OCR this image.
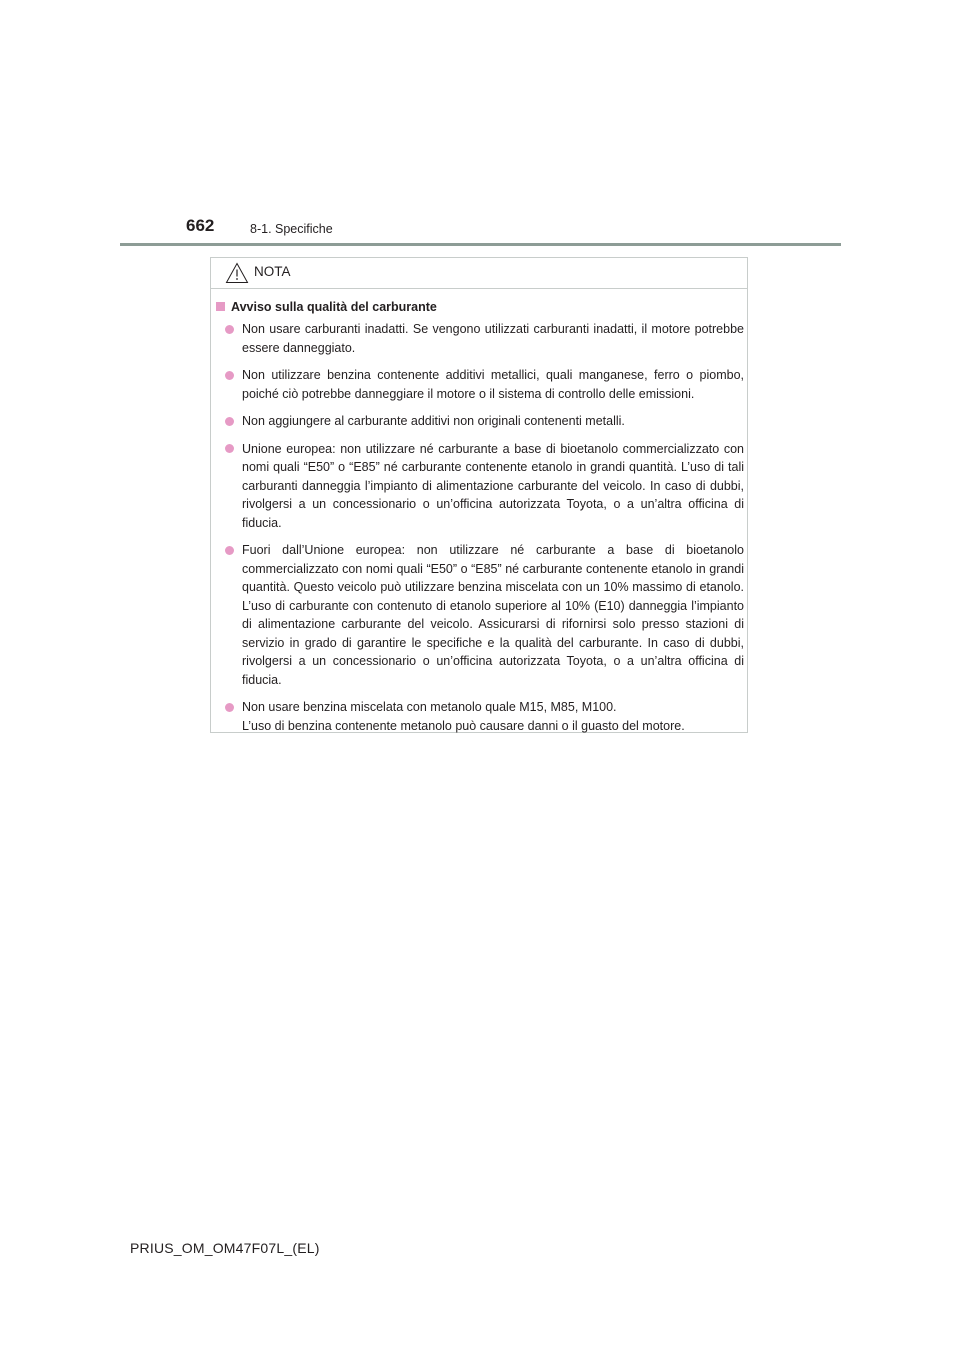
662	8-1. Specifiche
NOTA
Avviso sulla qualità del carburante
Non usare carburanti inadatti. Se vengono utilizzati carburanti inadatti, il motore potrebbe essere danneggiato.
Non utilizzare benzina contenente additivi metallici, quali manganese, ferro o piombo, poiché ciò potrebbe danneggiare il motore o il sistema di controllo delle emissioni.
Non aggiungere al carburante additivi non originali contenenti metalli.
Unione europea: non utilizzare né carburante a base di bioetanolo commercializzato con nomi quali “E50” o “E85” né carburante contenente etanolo in grandi quantità. L’uso di tali carburanti danneggia l’impianto di alimentazione carburante del veicolo. In caso di dubbi, rivolgersi a un concessionario o un’officina autorizzata Toyota, o a un’altra officina di fiducia.
Fuori dall’Unione europea: non utilizzare né carburante a base di bioetanolo commercializzato con nomi quali “E50” o “E85” né carburante contenente etanolo in grandi quantità. Questo veicolo può utilizzare benzina miscelata con un 10% massimo di etanolo. L’uso di carburante con contenuto di etanolo superiore al 10% (E10) danneggia l’impianto di alimentazione carburante del veicolo. Assicurarsi di rifornirsi solo presso stazioni di servizio in grado di garantire le specifiche e la qualità del carburante. In caso di dubbi, rivolgersi a un concessionario o un’officina autorizzata Toyota, o a un’altra officina di fiducia.
Non usare benzina miscelata con metanolo quale M15, M85, M100.
L’uso di benzina contenente metanolo può causare danni o il guasto del motore.
PRIUS_OM_OM47F07L_(EL)
